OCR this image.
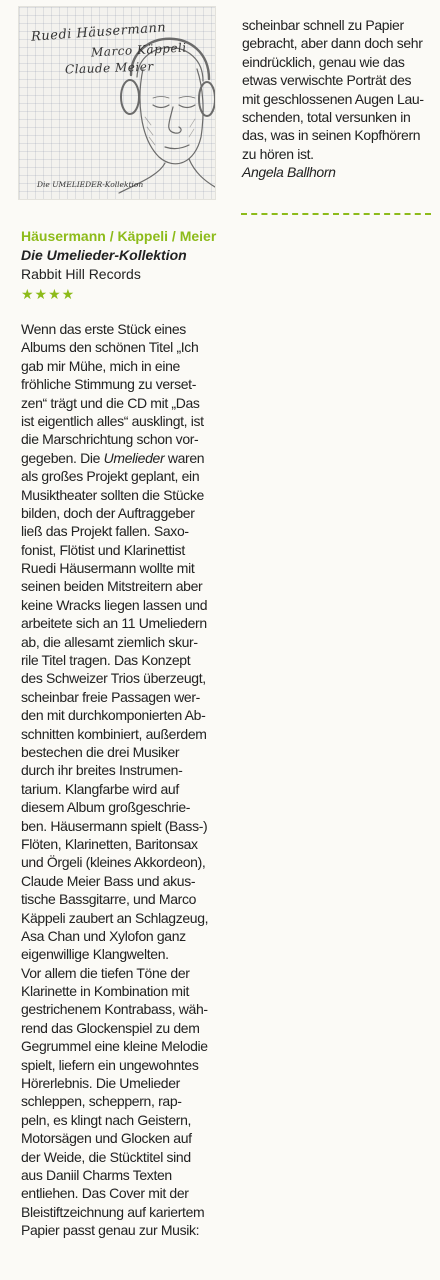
Ruedi Häusermann
Marco Käppeli
Claude Meier
Die UMELIEDER-Kollektion
Häusermann / Käppeli / Meier
Die Umelieder-Kollektion
Rabbit Hill Records
★★★★
Wenn das erste Stück eines
Albums den schönen Titel „Ich
gab mir Mühe, mich in eine
fröhliche Stimmung zu verset-
zen“ trägt und die CD mit „Das
ist eigentlich alles“ ausklingt, ist
die Marschrichtung schon vor-
gegeben. Die Umelieder waren
als großes Projekt geplant, ein
Musiktheater sollten die Stücke
bilden, doch der Auftraggeber
ließ das Projekt fallen. Saxo-
fonist, Flötist und Klarinettist
Ruedi Häusermann wollte mit
seinen beiden Mitstreitern aber
keine Wracks liegen lassen und
arbeitete sich an 11 Umeliedern
ab, die allesamt ziemlich skur-
rile Titel tragen. Das Konzept
des Schweizer Trios überzeugt,
scheinbar freie Passagen wer-
den mit durchkomponierten Ab-
schnitten kombiniert, außerdem
bestechen die drei Musiker
durch ihr breites Instrumen-
tarium. Klangfarbe wird auf
diesem Album großgeschrie-
ben. Häusermann spielt (Bass-)
Flöten, Klarinetten, Baritonsax
und Örgeli (kleines Akkordeon),
Claude Meier Bass und akus-
tische Bassgitarre, und Marco
Käppeli zaubert an Schlagzeug,
Asa Chan und Xylofon ganz
eigenwillige Klangwelten.
Vor allem die tiefen Töne der
Klarinette in Kombination mit
gestrichenem Kontrabass, wäh-
rend das Glockenspiel zu dem
Gegrummel eine kleine Melodie
spielt, liefern ein ungewohntes
Hörerlebnis. Die Umelieder
schleppen, scheppern, rap-
peln, es klingt nach Geistern,
Motorsägen und Glocken auf
der Weide, die Stücktitel sind
aus Daniil Charms Texten
entliehen. Das Cover mit der
Bleistiftzeichnung auf kariertem
Papier passt genau zur Musik:
scheinbar schnell zu Papier
gebracht, aber dann doch sehr
eindrücklich, genau wie das
etwas verwischte Porträt des
mit geschlossenen Augen Lau-
schenden, total versunken in
das, was in seinen Kopfhörern
zu hören ist.
Angela Ballhorn
